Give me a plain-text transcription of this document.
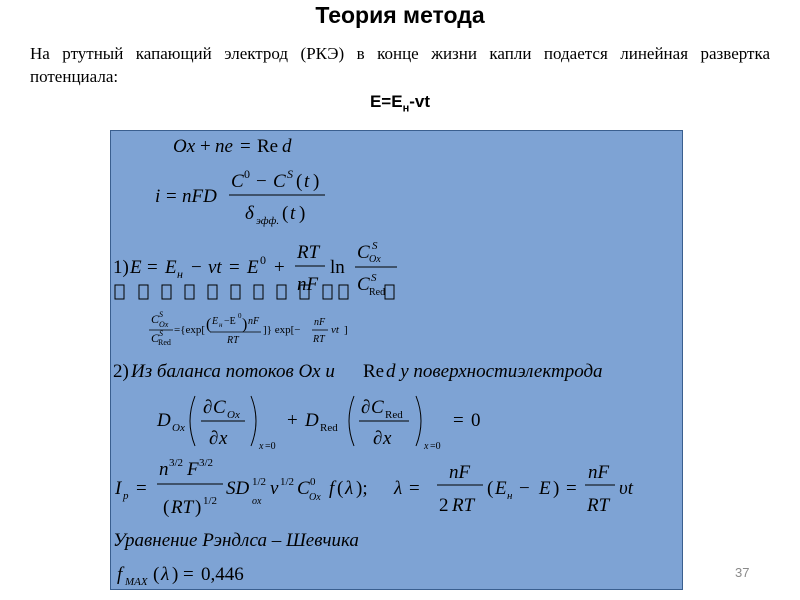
Теория метода
На ртутный капающий электрод (РКЭ) в конце жизни капли подается линейная развертка потенциала:
$E=E_н-vt$
Ox + ne = Re d
i = nFD
C 0 − C S ( t )
δ эфф. ( t )
1) E = E н − vt = E 0 +
RT
nF
ln
C S
Ox
C S
Red
C S
Ox
C S
Red
={exp[ ( E н −E 0 ) nF
RT
]} exp[−
nF
RT
vt ]
2) Из баланса потоков Ox и Re d у поверхностиэлектрода
D Ox
∂ C Ox
∂ x	x =0
+ D Red
∂ C Red
∂ x	x =0
= 0
I p =
n 3/2 F 3/2
( RT ) 1/2
SD 1/2
ox
v 1/2 C 0
Ox f ( λ ); λ =
nF
2 RT
( E н − E ) =
nF
RT
υt
Уравнение Рэндлса – Шевчика
f MAX ( λ ) = 0,446	37
